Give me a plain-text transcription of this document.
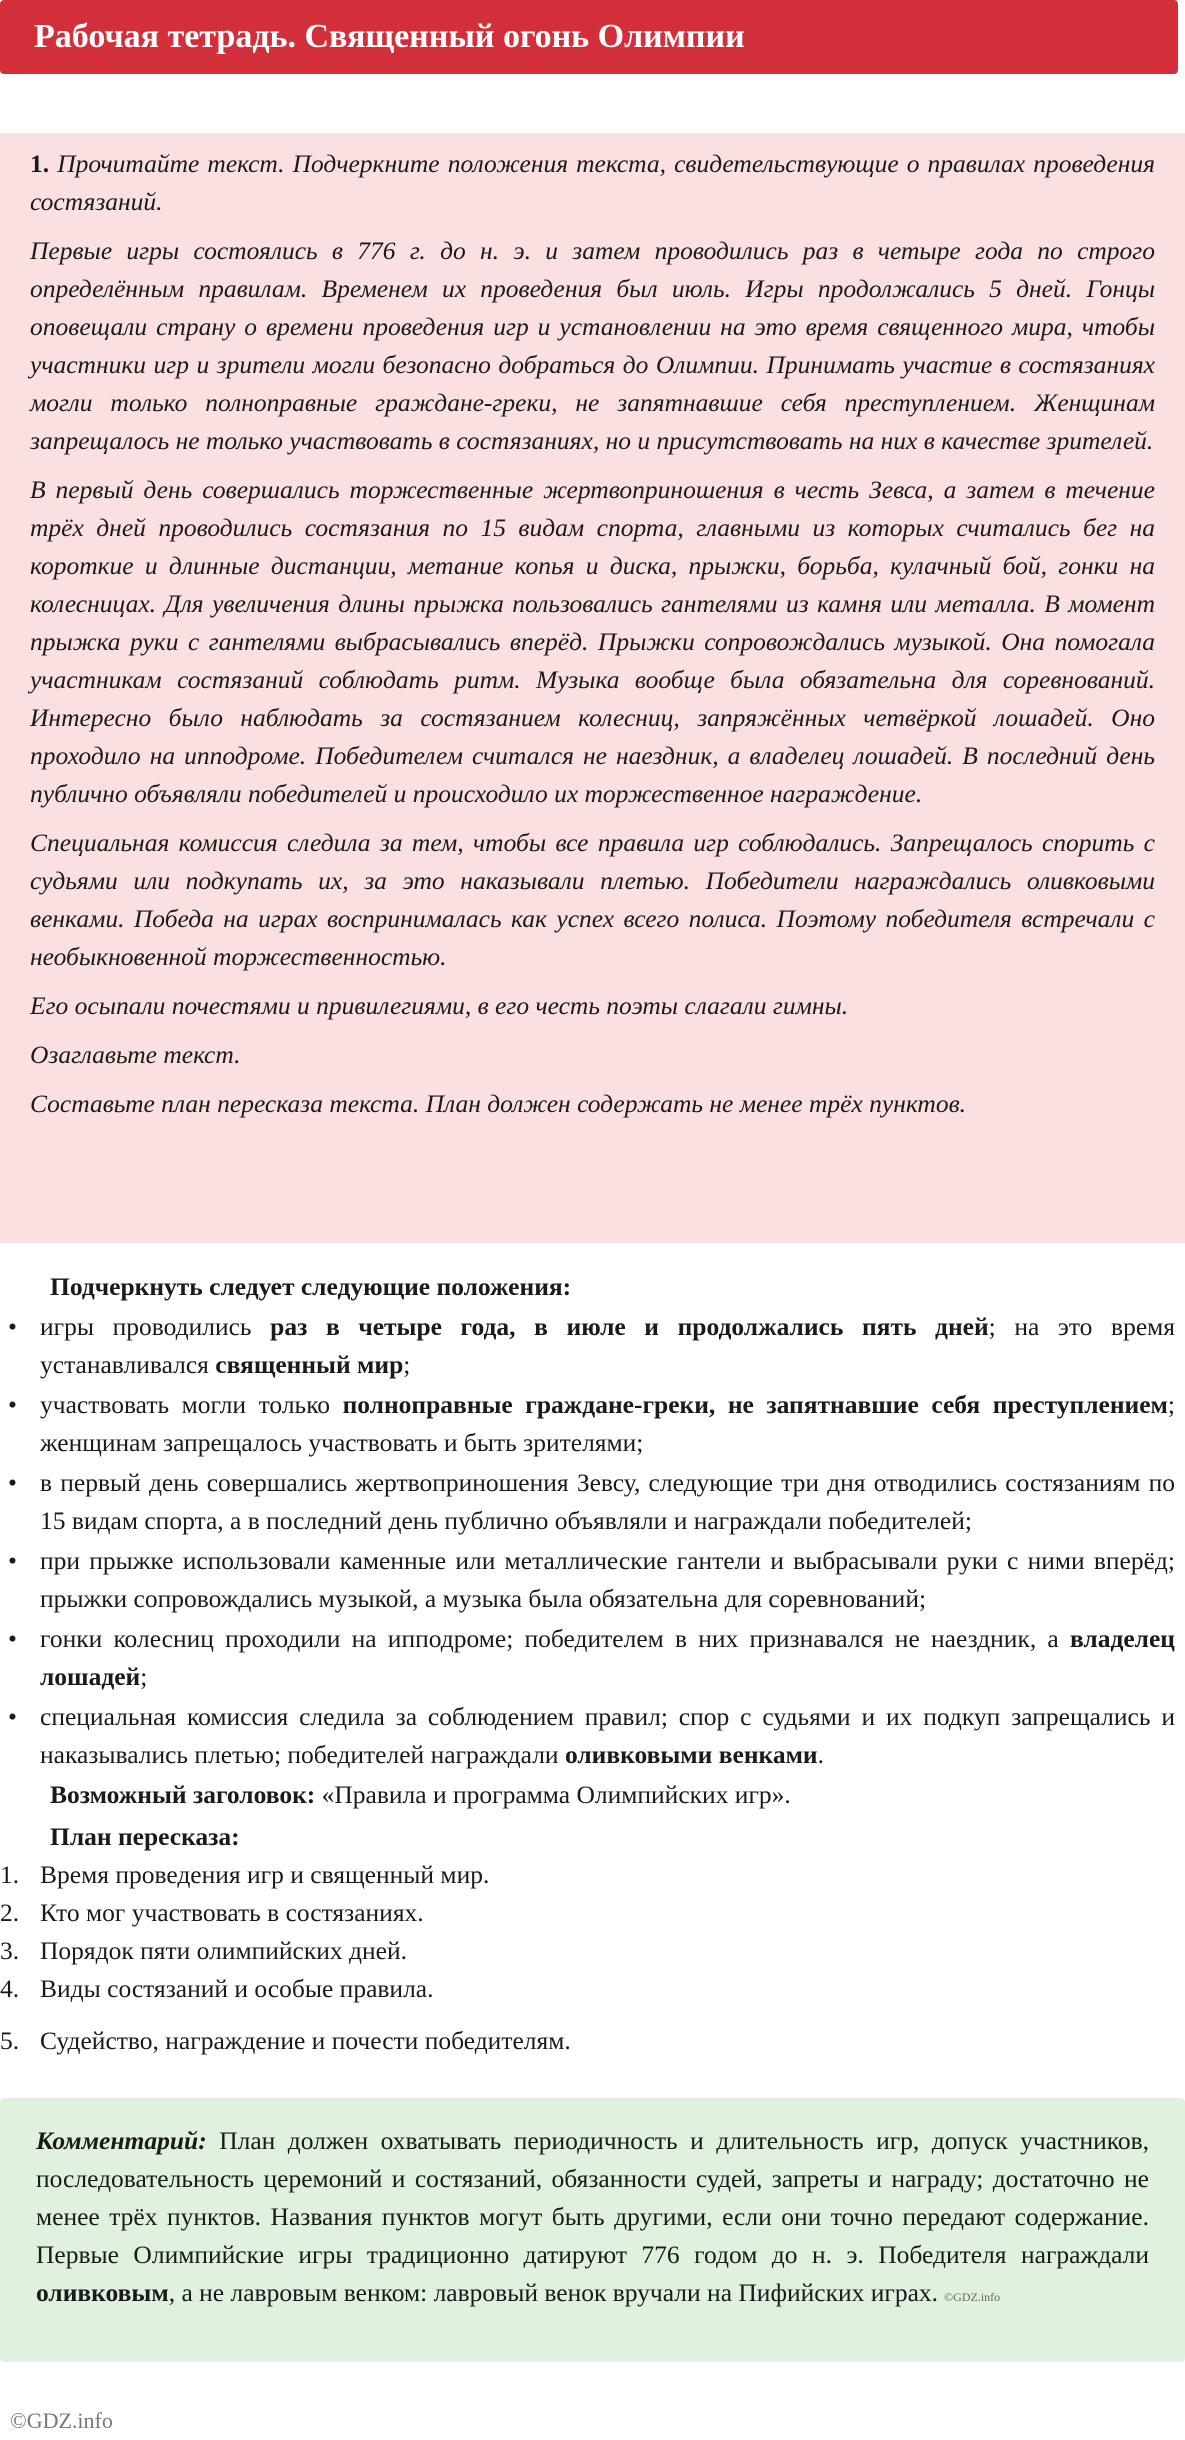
Рабочая тетрадь. Священный огонь Олимпии

1. Прочитайте текст. Подчеркните положения текста, свидетельствующие о правилах проведения состязаний.

Первые игры состоялись в 776 г. до н. э. и затем проводились раз в четыре года по строго определённым правилам. Временем их проведения был июль. Игры продолжались 5 дней. Гонцы оповещали страну о времени проведения игр и установлении на это время священного мира, чтобы участники игр и зрители могли безопасно добраться до Олимпии. Принимать участие в состязаниях могли только полноправные граждане-греки, не запятнавшие себя преступлением. Женщинам запрещалось не только участвовать в состязаниях, но и присутствовать на них в качестве зрителей.

В первый день совершались торжественные жертвоприношения в честь Зевса, а затем в течение трёх дней проводились состязания по 15 видам спорта, главными из которых считались бег на короткие и длинные дистанции, метание копья и диска, прыжки, борьба, кулачный бой, гонки на колесницах. Для увеличения длины прыжка пользовались гантелями из камня или металла. В момент прыжка руки с гантелями выбрасывались вперёд. Прыжки сопровождались музыкой. Она помогала участникам состязаний соблюдать ритм. Музыка вообще была обязательна для соревнований. Интересно было наблюдать за состязанием колесниц, запряжённых четвёркой лошадей. Оно проходило на ипподроме. Победителем считался не наездник, а владелец лошадей. В последний день публично объявляли победителей и происходило их торжественное награждение.

Специальная комиссия следила за тем, чтобы все правила игр соблюдались. Запрещалось спорить с судьями или подкупать их, за это наказывали плетью. Победители награждались оливковыми венками. Победа на играх воспринималась как успех всего полиса. Поэтому победителя встречали с необыкновенной торжественностью.

Его осыпали почестями и привилегиями, в его честь поэты слагали гимны.

Озаглавьте текст.

Составьте план пересказа текста. План должен содержать не менее трёх пунктов.

Подчеркнуть следует следующие положения:

• игры проводились раз в четыре года, в июле и продолжались пять дней; на это время устанавливался священный мир;
• участвовать могли только полноправные граждане-греки, не запятнавшие себя преступлением; женщинам запрещалось участвовать и быть зрителями;
• в первый день совершались жертвоприношения Зевсу, следующие три дня отводились состязаниям по 15 видам спорта, а в последний день публично объявляли и награждали победителей;
• при прыжке использовали каменные или металлические гантели и выбрасывали руки с ними вперёд; прыжки сопровождались музыкой, а музыка была обязательна для соревнований;
• гонки колесниц проходили на ипподроме; победителем в них признавался не наездник, а владелец лошадей;
• специальная комиссия следила за соблюдением правил; спор с судьями и их подкуп запрещались и наказывались плетью; победителей награждали оливковыми венками.

Возможный заголовок: «Правила и программа Олимпийских игр».

План пересказа:

1. Время проведения игр и священный мир.
2. Кто мог участвовать в состязаниях.
3. Порядок пяти олимпийских дней.
4. Виды состязаний и особые правила.
5. Судейство, награждение и почести победителям.
Комментарий: План должен охватывать периодичность и длительность игр, допуск участников, последовательность церемоний и состязаний, обязанности судей, запреты и награду; достаточно не менее трёх пунктов. Названия пунктов могут быть другими, если они точно передают содержание. Первые Олимпийские игры традиционно датируют 776 годом до н. э. Победителя награждали оливковым, а не лавровым венком: лавровый венок вручали на Пифийских играх. ©GDZ.info
©GDZ.info
